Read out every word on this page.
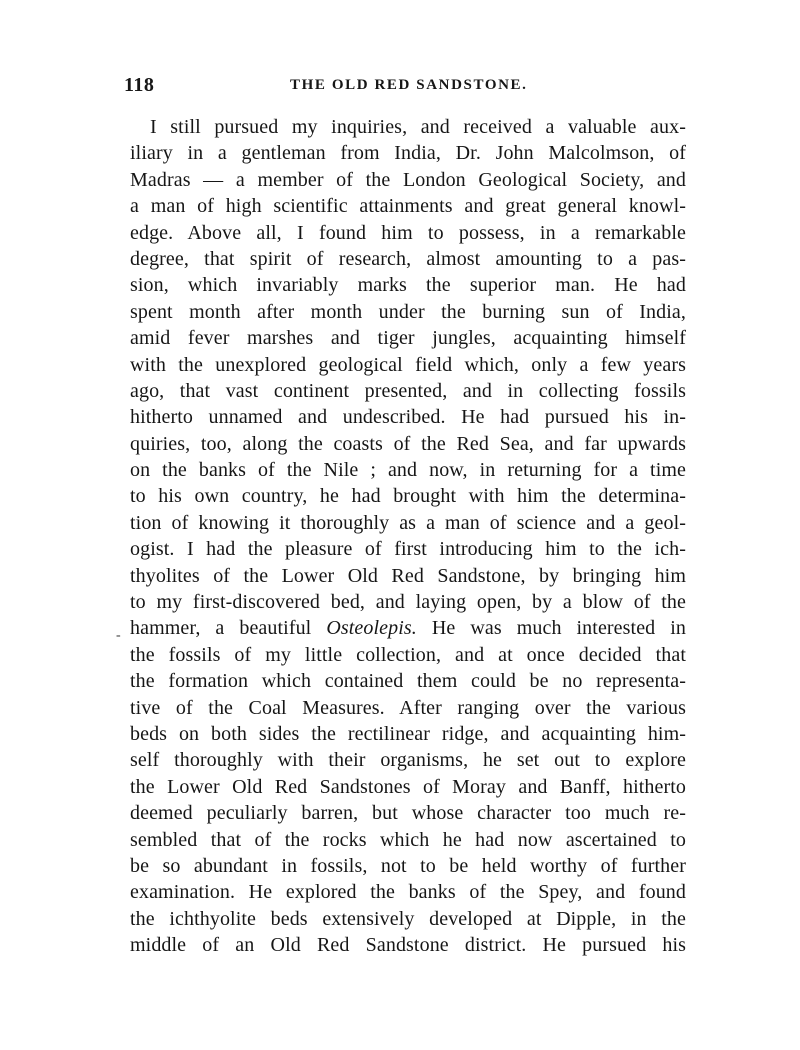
118	THE OLD RED SANDSTONE.
-
I still pursued my inquiries, and received a valuable aux-
iliary in a gentleman from India, Dr. John Malcolmson, of
Madras — a member of the London Geological Society, and
a man of high scientific attainments and great general knowl-
edge. Above all, I found him to possess, in a remarkable
degree, that spirit of research, almost amounting to a pas-
sion, which invariably marks the superior man. He had
spent month after month under the burning sun of India,
amid fever marshes and tiger jungles, acquainting himself
with the unexplored geological field which, only a few years
ago, that vast continent presented, and in collecting fossils
hitherto unnamed and undescribed. He had pursued his in-
quiries, too, along the coasts of the Red Sea, and far upwards
on the banks of the Nile ; and now, in returning for a time
to his own country, he had brought with him the determina-
tion of knowing it thoroughly as a man of science and a geol-
ogist. I had the pleasure of first introducing him to the ich-
thyolites of the Lower Old Red Sandstone, by bringing him
to my first-discovered bed, and laying open, by a blow of the
hammer, a beautiful Osteolepis. He was much interested in
the fossils of my little collection, and at once decided that
the formation which contained them could be no representa-
tive of the Coal Measures. After ranging over the various
beds on both sides the rectilinear ridge, and acquainting him-
self thoroughly with their organisms, he set out to explore
the Lower Old Red Sandstones of Moray and Banff, hitherto
deemed peculiarly barren, but whose character too much re-
sembled that of the rocks which he had now ascertained to
be so abundant in fossils, not to be held worthy of further
examination. He explored the banks of the Spey, and found
the ichthyolite beds extensively developed at Dipple, in the
middle of an Old Red Sandstone district. He pursued his
